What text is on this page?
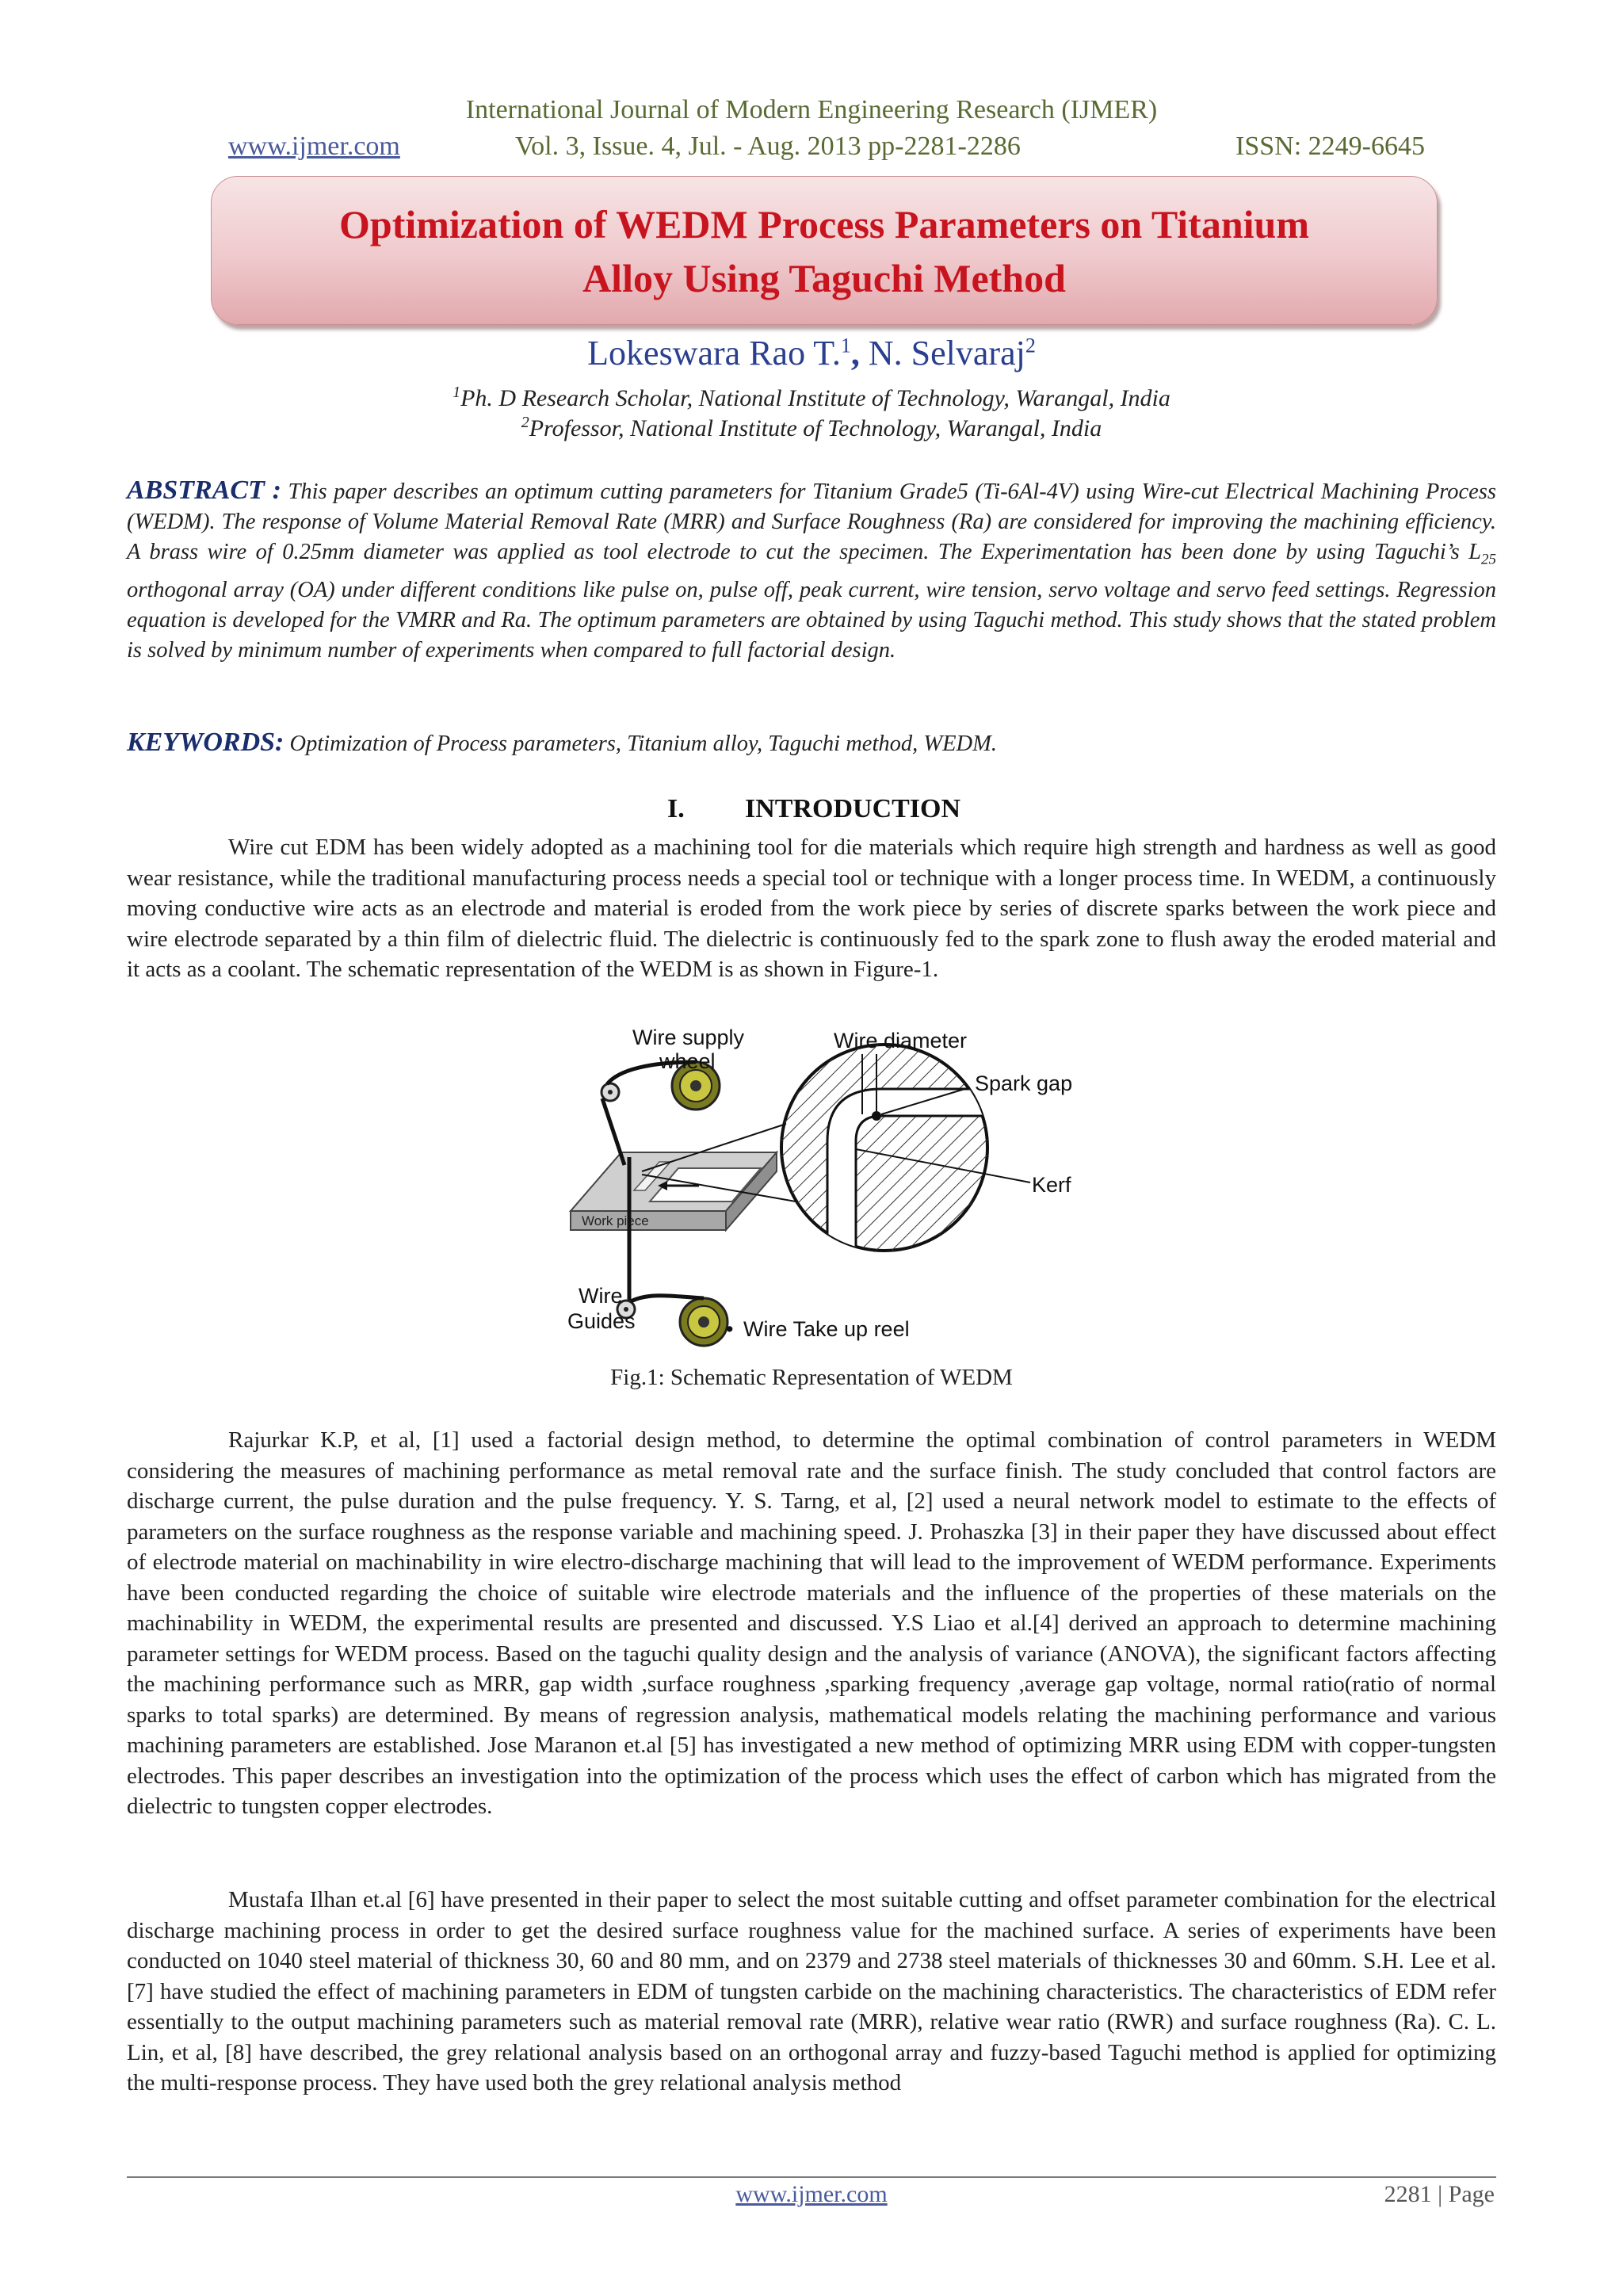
International Journal of Modern Engineering Research (IJMER)
www.ijmer.com	Vol. 3, Issue. 4, Jul. - Aug. 2013 pp-2281-2286	ISSN: 2249-6645
Optimization of WEDM Process Parameters on Titanium
Alloy Using Taguchi Method
Lokeswara Rao T.$^1$, N. Selvaraj$^2$
$^1$Ph. D Research Scholar, National Institute of Technology, Warangal, India
$^2$Professor, National Institute of Technology, Warangal, India
ABSTRACT : This paper describes an optimum cutting parameters for Titanium Grade5 (Ti-6Al-4V) using Wire-cut Electrical Machining Process (WEDM). The response of Volume Material Removal Rate (MRR) and Surface Roughness (Ra) are considered for improving the machining efficiency. A brass wire of 0.25mm diameter was applied as tool electrode to cut the specimen. The Experimentation has been done by using Taguchi’s $L_{25}$ orthogonal array (OA) under different conditions like pulse on, pulse off, peak current, wire tension, servo voltage and servo feed settings. Regression equation is developed for the VMRR and Ra. The optimum parameters are obtained by using Taguchi method. This study shows that the stated problem is solved by minimum number of experiments when compared to full factorial design.
KEYWORDS: Optimization of Process parameters, Titanium alloy, Taguchi method, WEDM.
I. INTRODUCTION
Wire cut EDM has been widely adopted as a machining tool for die materials which require high strength and hardness as well as good wear resistance, while the traditional manufacturing process needs a special tool or technique with a longer process time. In WEDM, a continuously moving conductive wire acts as an electrode and material is eroded from the work piece by series of discrete sparks between the work piece and wire electrode separated by a thin film of dielectric fluid. The dielectric is continuously fed to the spark zone to flush away the eroded material and it acts as a coolant. The schematic representation of the WEDM is as shown in Figure-1.
Work piece
Wire supply
wheel
Wire diameter
Spark gap
Kerf
Wire
Guides	Wire Take up reel
•
Fig.1: Schematic Representation of WEDM
Rajurkar K.P, et al, [1] used a factorial design method, to determine the optimal combination of control parameters in WEDM considering the measures of machining performance as metal removal rate and the surface finish. The study concluded that control factors are discharge current, the pulse duration and the pulse frequency. Y. S. Tarng, et al, [2] used a neural network model to estimate to the effects of parameters on the surface roughness as the response variable and machining speed. J. Prohaszka [3] in their paper they have discussed about effect of electrode material on machinability in wire electro-discharge machining that will lead to the improvement of WEDM performance. Experiments have been conducted regarding the choice of suitable wire electrode materials and the influence of the properties of these materials on the machinability in WEDM, the experimental results are presented and discussed. Y.S Liao et al.[4] derived an approach to determine machining parameter settings for WEDM process. Based on the taguchi quality design and the analysis of variance (ANOVA), the significant factors affecting the machining performance such as MRR, gap width ,surface roughness ,sparking frequency ,average gap voltage, normal ratio(ratio of normal sparks to total sparks) are determined. By means of regression analysis, mathematical models relating the machining performance and various machining parameters are established. Jose Maranon et.al [5] has investigated a new method of optimizing MRR using EDM with copper-tungsten electrodes. This paper describes an investigation into the optimization of the process which uses the effect of carbon which has migrated from the dielectric to tungsten copper electrodes.
Mustafa Ilhan et.al [6] have presented in their paper to select the most suitable cutting and offset parameter combination for the electrical discharge machining process in order to get the desired surface roughness value for the machined surface. A series of experiments have been conducted on 1040 steel material of thickness 30, 60 and 80 mm, and on 2379 and 2738 steel materials of thicknesses 30 and 60mm. S.H. Lee et al. [7] have studied the effect of machining parameters in EDM of tungsten carbide on the machining characteristics. The characteristics of EDM refer essentially to the output machining parameters such as material removal rate (MRR), relative wear ratio (RWR) and surface roughness (Ra). C. L. Lin, et al, [8] have described, the grey relational analysis based on an orthogonal array and fuzzy-based Taguchi method is applied for optimizing the multi-response process. They have used both the grey relational analysis method
www.ijmer.com	2281 | Page
